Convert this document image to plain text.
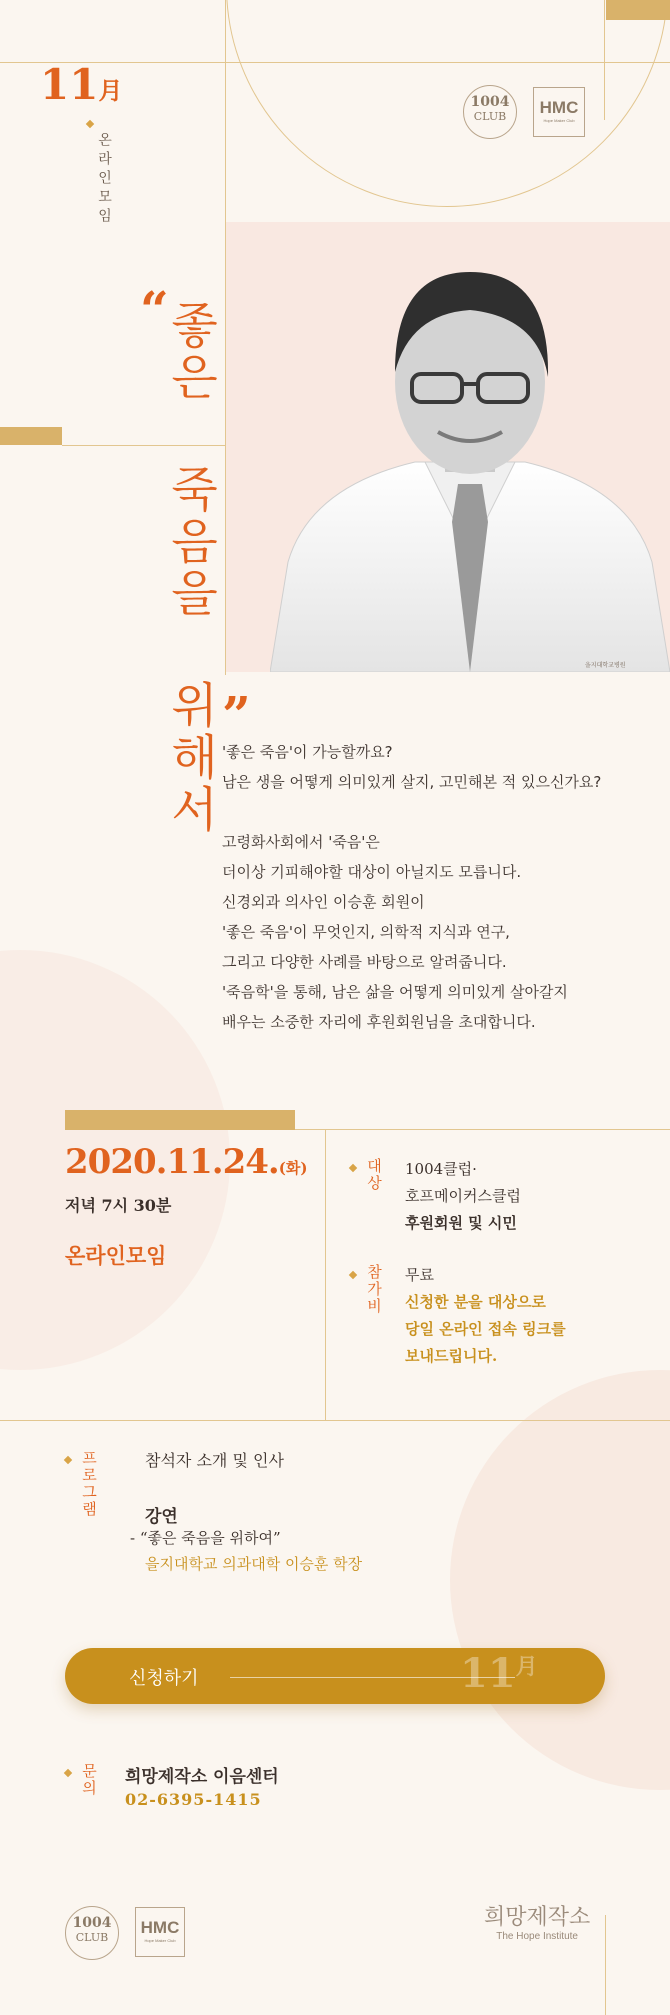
11月
온라인모임
1004
CLUB	HMC
Hope Maker Club
“
좋은 죽음을 위해서 ”
을지대학교병원
'좋은 죽음'이 가능할까요?
남은 생을 어떻게 의미있게 살지, 고민해본 적 있으신가요?
고령화사회에서 '죽음'은
더이상 기피해야할 대상이 아닐지도 모릅니다.
신경외과 의사인 이승훈 회원이
'좋은 죽음'이 무엇인지, 의학적 지식과 연구,
그리고 다양한 사례를 바탕으로 알려줍니다.
'죽음학'을 통해, 남은 삶을 어떻게 의미있게 살아갈지
배우는 소중한 자리에 후원회원님을 초대합니다.
2020.11.24.(화)
저녁 7시 30분
온라인모임
대상 1004클럽·
호프메이커스클럽
후원회원 및 시민
참가비 무료
신청한 분을 대상으로
당일 온라인 접속 링크를
보내드립니다.
프로그램	참석자 소개 및 인사
강연
- “좋은 죽음을 위하여”
을지대학교 의과대학 이승훈 학장
신청하기	11月
문의 희망제작소 이음센터
02-6395-1415
1004
CLUB
HMC
Hope Maker Club
희망제작소
The Hope Institute
